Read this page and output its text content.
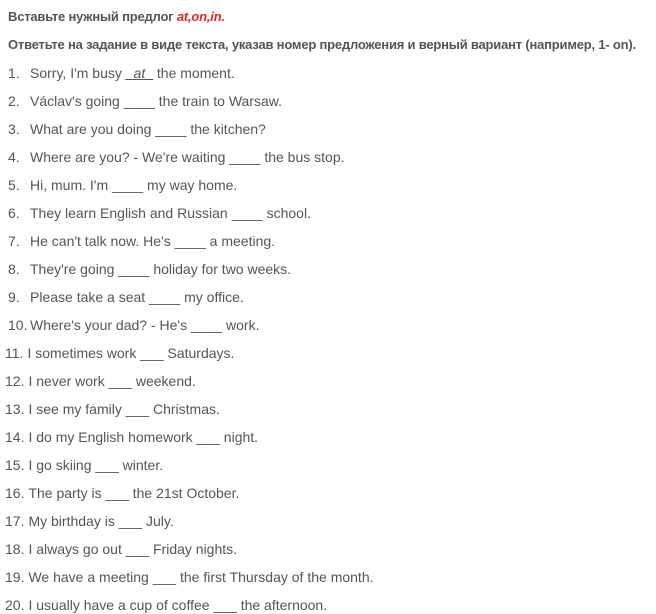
Вставьте нужный предлог at,on,in.

Ответьте на задание в виде текста, указав номер предложения и верный вариант (например, 1- on).

1. Sorry, I'm busy _at_ the moment.
2. Václav's going ____ the train to Warsaw.
3. What are you doing ____ the kitchen?
4. Where are you? - We're waiting ____ the bus stop.
5. Hi, mum. I'm ____ my way home.
6. They learn English and Russian ____ school.
7. He can't talk now. He's ____ a meeting.
8. They're going ____ holiday for two weeks.
9. Please take a seat ____ my office.
10. Where's your dad? - He's ____ work.
11. I sometimes work ___ Saturdays.
12. I never work ___ weekend.
13. I see my family ___ Christmas.
14. I do my English homework ___ night.
15. I go skiing ___ winter.
16. The party is ___ the 21st October.
17. My birthday is ___ July.
18. I always go out ___ Friday nights.
19. We have a meeting ___ the first Thursday of the month.
20. I usually have a cup of coffee ___ the afternoon.
